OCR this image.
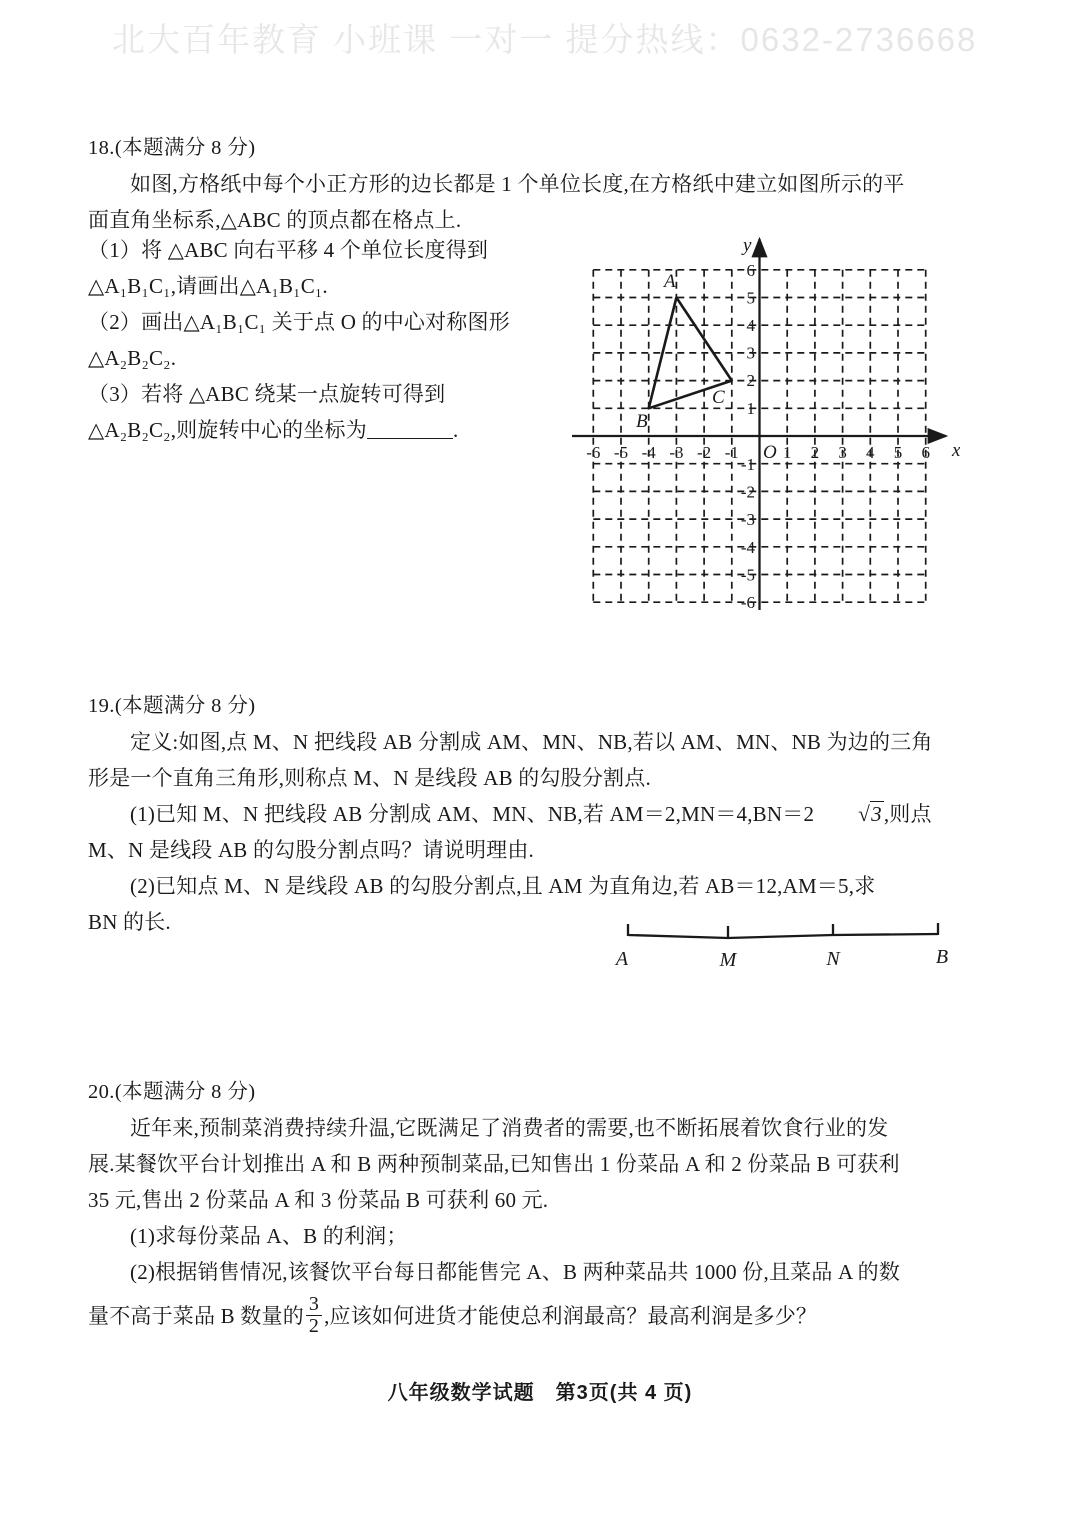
北大百年教育 小班课 一对一 提分热线：0632-2736668
18.(本题满分 8 分)
如图,方格纸中每个小正方形的边长都是 1 个单位长度,在方格纸中建立如图所示的平
面直角坐标系,△ABC 的顶点都在格点上.
（1）将 △ABC 向右平移 4 个单位长度得到
△A₁B₁C₁,请画出△A₁B₁C₁.
（2）画出△A₁B₁C₁ 关于点 O 的中心对称图形
△A₂B₂C₂.
（3）若将 △ABC 绕某一点旋转可得到
△A₂B₂C₂,则旋转中心的坐标为	.
x
y
O
-6 -5 -4 -3 -2 -1	1 2 3 4 5 6
6
5
4
3
2
1
-1
-2
-3
-4
-5
-6
A
B
C
19.(本题满分 8 分)
定义:如图,点 M、N 把线段 AB 分割成 AM、MN、NB,若以 AM、MN、NB 为边的三角
形是一个直角三角形,则称点 M、N 是线段 AB 的勾股分割点.
(1)已知 M、N 把线段 AB 分割成 AM、MN、NB,若 AM＝2,MN＝4,BN＝2 √3,则点
M、N 是线段 AB 的勾股分割点吗？请说明理由.
(2)已知点 M、N 是线段 AB 的勾股分割点,且 AM 为直角边,若 AB＝12,AM＝5,求
BN 的长.
A	M	N	B
20.(本题满分 8 分)
近年来,预制菜消费持续升温,它既满足了消费者的需要,也不断拓展着饮食行业的发
展.某餐饮平台计划推出 A 和 B 两种预制菜品,已知售出 1 份菜品 A 和 2 份菜品 B 可获利
35 元,售出 2 份菜品 A 和 3 份菜品 B 可获利 60 元.
(1)求每份菜品 A、B 的利润；
(2)根据销售情况,该餐饮平台每日都能售完 A、B 两种菜品共 1000 份,且菜品 A 的数
量不高于菜品 B 数量的 $\frac{3}{2}$ ,应该如何进货才能使总利润最高？最高利润是多少？
八年级数学试题　第3页(共 4 页)
